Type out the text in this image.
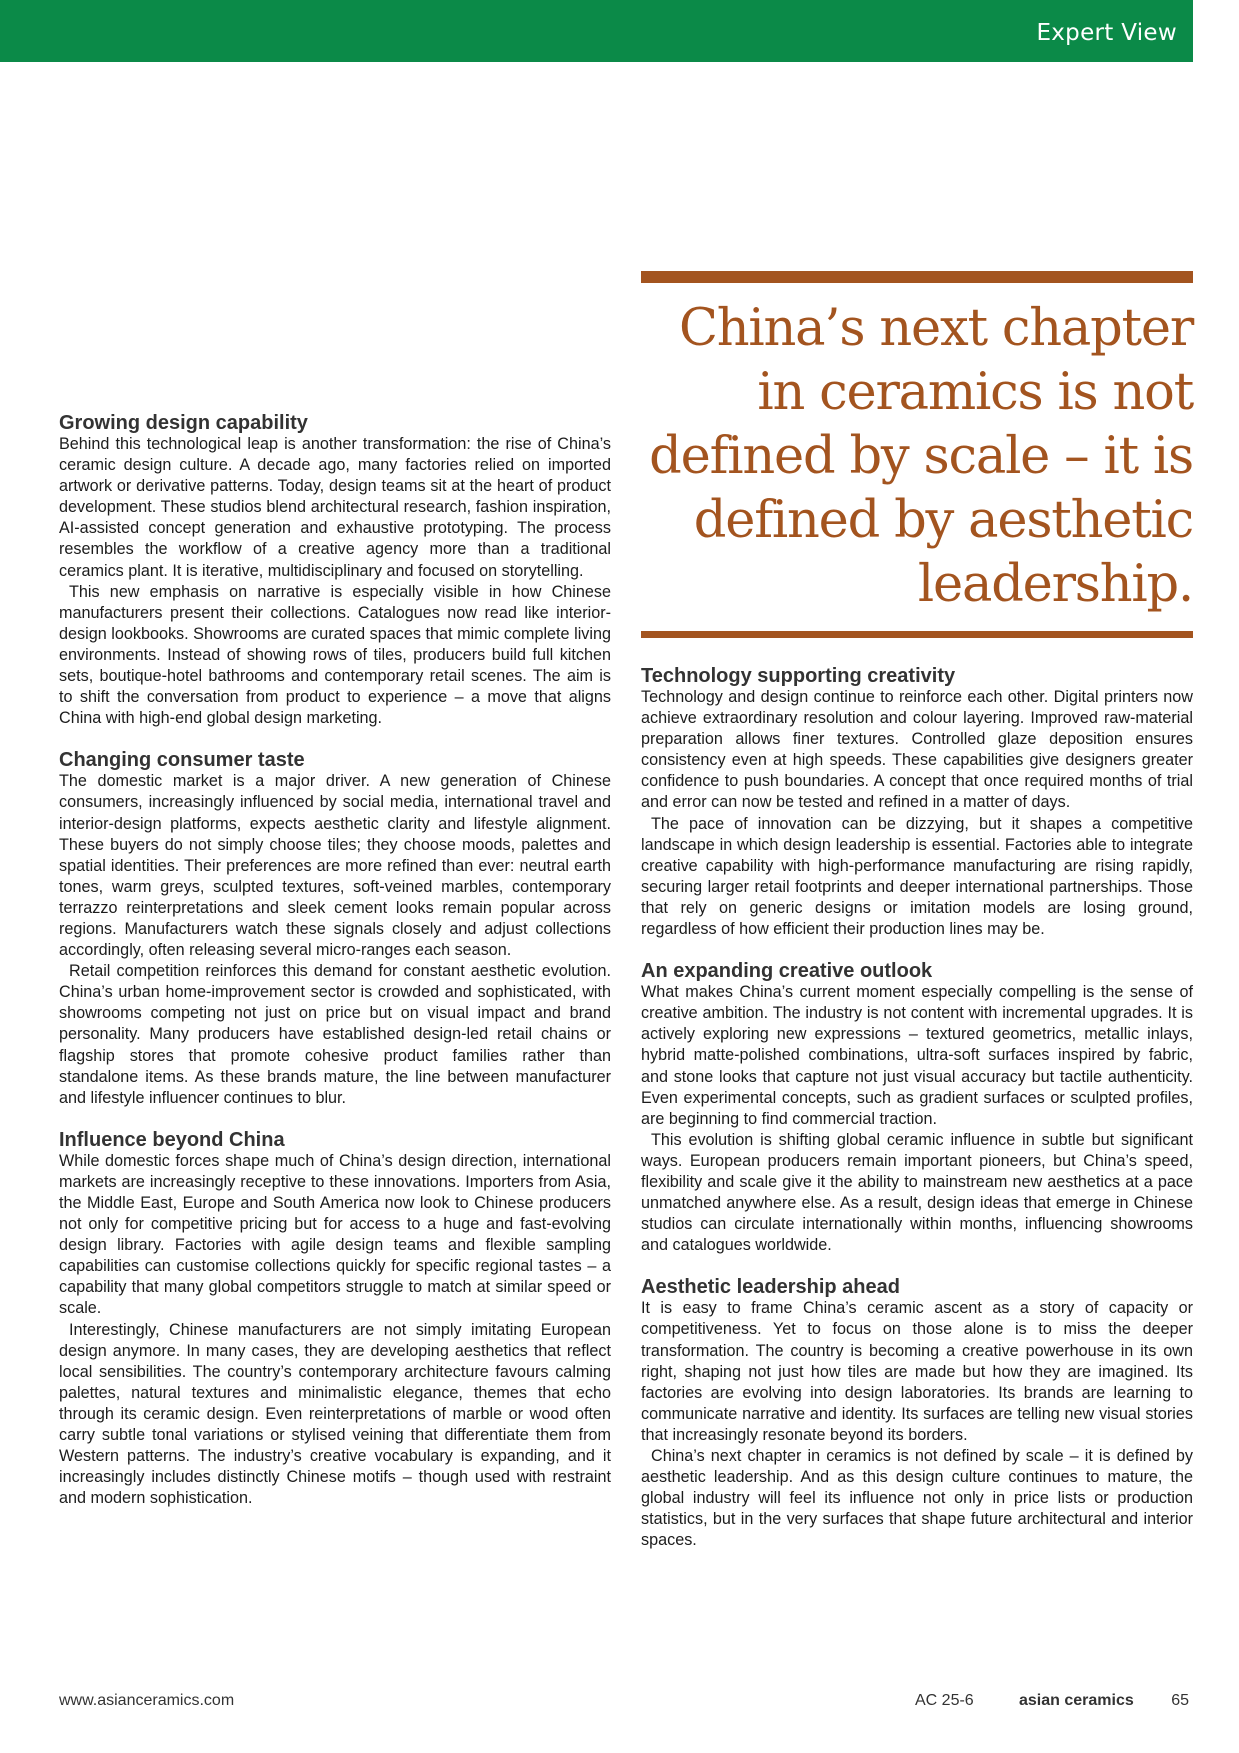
Expert View
China’s next chapter in ceramics is not defined by scale – it is defined by aesthetic leadership.
Growing design capability

Behind this technological leap is another transformation: the rise of China’s ceramic design culture. A decade ago, many factories relied on imported artwork or derivative patterns. Today, design teams sit at the heart of product development. These studios blend architectural research, fashion inspiration, AI-assisted concept generation and exhaustive prototyping. The process resembles the workflow of a creative agency more than a traditional ceramics plant. It is iterative, multidisciplinary and focused on storytelling.

This new emphasis on narrative is especially visible in how Chinese manufacturers present their collections. Catalogues now read like interior-design lookbooks. Showrooms are curated spaces that mimic complete living environments. Instead of showing rows of tiles, producers build full kitchen sets, boutique-hotel bathrooms and contemporary retail scenes. The aim is to shift the conversation from product to experience – a move that aligns China with high-end global design marketing.

Changing consumer taste

The domestic market is a major driver. A new generation of Chinese consumers, increasingly influenced by social media, international travel and interior-design platforms, expects aesthetic clarity and lifestyle alignment. These buyers do not simply choose tiles; they choose moods, palettes and spatial identities. Their preferences are more refined than ever: neutral earth tones, warm greys, sculpted textures, soft-veined marbles, contemporary terrazzo reinterpretations and sleek cement looks remain popular across regions. Manufacturers watch these signals closely and adjust collections accordingly, often releasing several micro-ranges each season.

Retail competition reinforces this demand for constant aesthetic evolution. China’s urban home-improvement sector is crowded and sophisticated, with showrooms competing not just on price but on visual impact and brand personality. Many producers have established design-led retail chains or flagship stores that promote cohesive product families rather than standalone items. As these brands mature, the line between manufacturer and lifestyle influencer continues to blur.

Influence beyond China

While domestic forces shape much of China’s design direction, international markets are increasingly receptive to these innovations. Importers from Asia, the Middle East, Europe and South America now look to Chinese producers not only for competitive pricing but for access to a huge and fast-evolving design library. Factories with agile design teams and flexible sampling capabilities can customise collections quickly for specific regional tastes – a capability that many global competitors struggle to match at similar speed or scale.

Interestingly, Chinese manufacturers are not simply imitating European design anymore. In many cases, they are developing aesthetics that reflect local sensibilities. The country’s contemporary architecture favours calming palettes, natural textures and minimalistic elegance, themes that echo through its ceramic design. Even reinterpretations of marble or wood often carry subtle tonal variations or stylised veining that differentiate them from Western patterns. The industry’s creative vocabulary is expanding, and it increasingly includes distinctly Chinese motifs – though used with restraint and modern sophistication.

Technology supporting creativity

Technology and design continue to reinforce each other. Digital printers now achieve extraordinary resolution and colour layering. Improved raw-material preparation allows finer textures. Controlled glaze deposition ensures consistency even at high speeds. These capabilities give designers greater confidence to push boundaries. A concept that once required months of trial and error can now be tested and refined in a matter of days.

The pace of innovation can be dizzying, but it shapes a competitive landscape in which design leadership is essential. Factories able to integrate creative capability with high-performance manufacturing are rising rapidly, securing larger retail footprints and deeper international partnerships. Those that rely on generic designs or imitation models are losing ground, regardless of how efficient their production lines may be.

An expanding creative outlook

What makes China’s current moment especially compelling is the sense of creative ambition. The industry is not content with incremental upgrades. It is actively exploring new expressions – textured geometrics, metallic inlays, hybrid matte-polished combinations, ultra-soft surfaces inspired by fabric, and stone looks that capture not just visual accuracy but tactile authenticity. Even experimental concepts, such as gradient surfaces or sculpted profiles, are beginning to find commercial traction.

This evolution is shifting global ceramic influence in subtle but significant ways. European producers remain important pioneers, but China’s speed, flexibility and scale give it the ability to mainstream new aesthetics at a pace unmatched anywhere else. As a result, design ideas that emerge in Chinese studios can circulate internationally within months, influencing showrooms and catalogues worldwide.

Aesthetic leadership ahead

It is easy to frame China’s ceramic ascent as a story of capacity or competitiveness. Yet to focus on those alone is to miss the deeper transformation. The country is becoming a creative powerhouse in its own right, shaping not just how tiles are made but how they are imagined. Its factories are evolving into design laboratories. Its brands are learning to communicate narrative and identity. Its surfaces are telling new visual stories that increasingly resonate beyond its borders.

China’s next chapter in ceramics is not defined by scale – it is defined by aesthetic leadership. And as this design culture continues to mature, the global industry will feel its influence not only in price lists or production statistics, but in the very surfaces that shape future architectural and interior spaces.

www.asianceramics.com	AC 25-6	asian ceramics 65
